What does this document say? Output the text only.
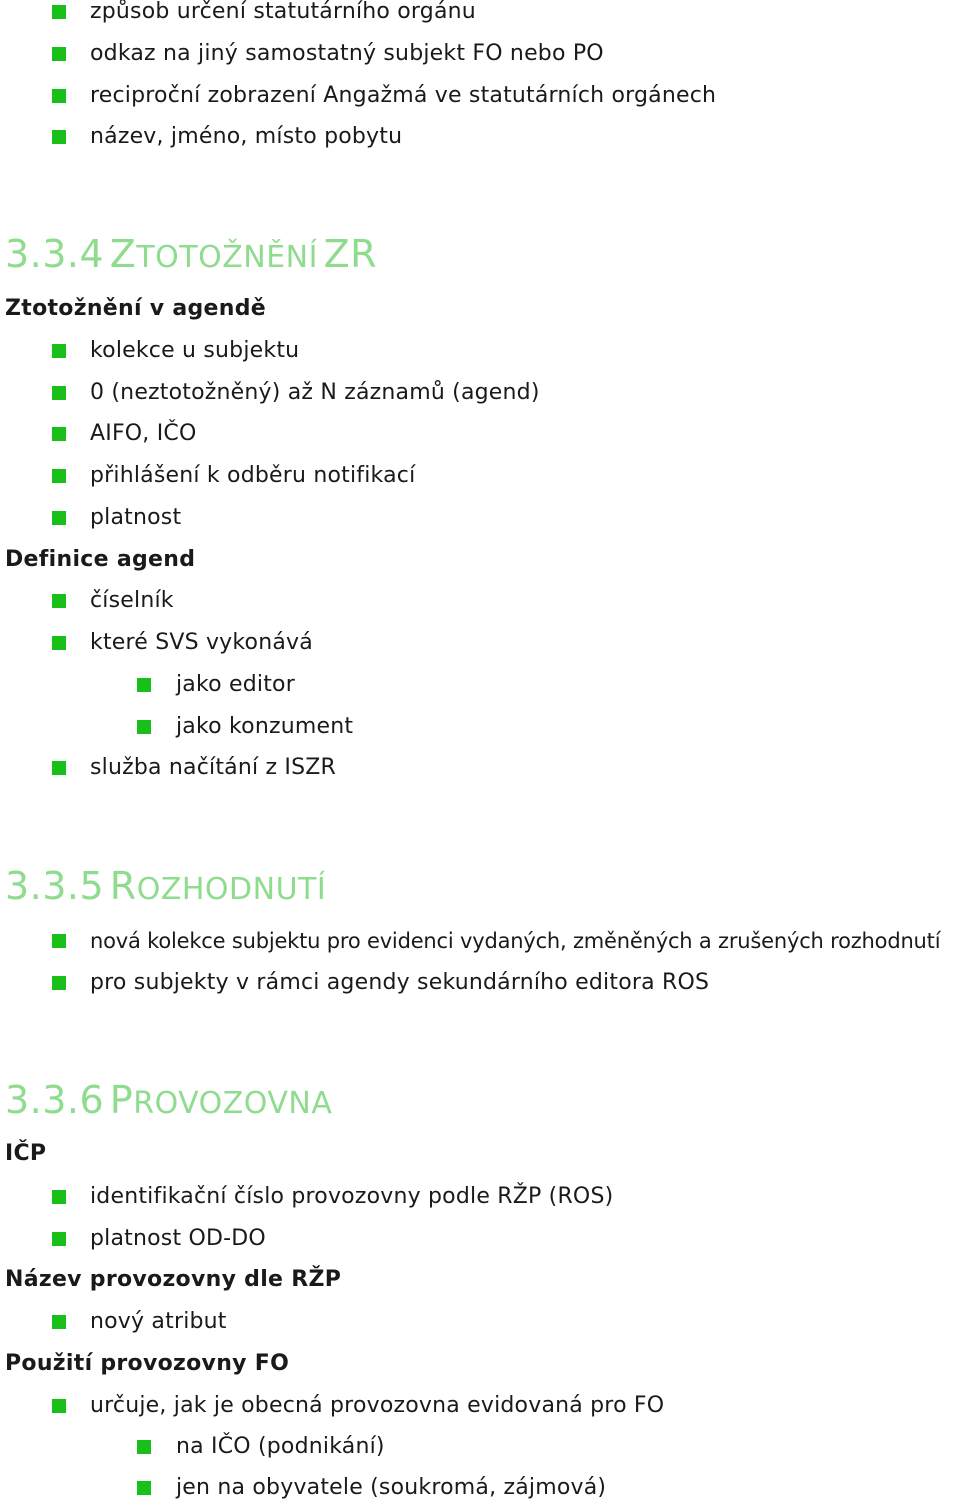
způsob určení statutárního orgánu
odkaz na jiný samostatný subjekt FO nebo PO
reciproční zobrazení Angažmá ve statutárních orgánech
název, jméno, místo pobytu
3.3.4 ZTOTOŽNĚNÍ ZR
Ztotožnění v agendě
kolekce u subjektu
0 (neztotožněný) až N záznamů (agend)
AIFO, IČO
přihlášení k odběru notifikací
platnost
Definice agend
číselník
které SVS vykonává
jako editor
jako konzument
služba načítání z ISZR
3.3.5 ROZHODNUTÍ
nová kolekce subjektu pro evidenci vydaných, změněných a zrušených rozhodnutí
pro subjekty v rámci agendy sekundárního editora ROS
3.3.6 PROVOZOVNA
IČP
identifikační číslo provozovny podle RŽP (ROS)
platnost OD-DO
Název provozovny dle RŽP
nový atribut
Použití provozovny FO
určuje, jak je obecná provozovna evidovaná pro FO
na IČO (podnikání)
jen na obyvatele (soukromá, zájmová)
